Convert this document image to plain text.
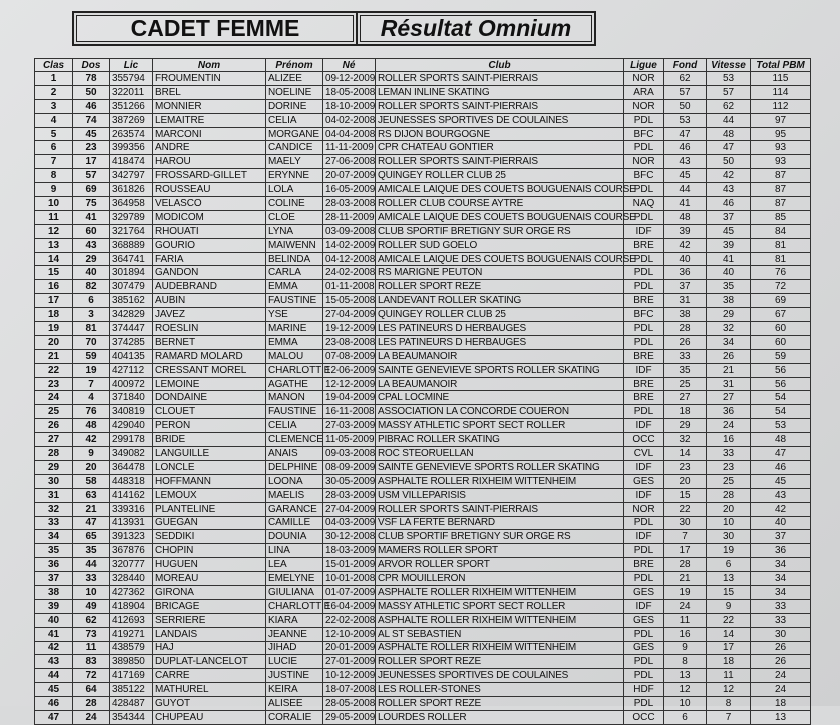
CADET FEMME	Résultat Omnium
Clas	Dos	Lic	Nom	Prénom	Né	Club	Ligue	Fond	Vitesse	Total PBM
1	78	355794	FROUMENTIN	ALIZEE	09-12-2009	ROLLER SPORTS SAINT-PIERRAIS	NOR	62	53	115
2	50	322011	BREL	NOELINE	18-05-2008	LEMAN INLINE SKATING	ARA	57	57	114
3	46	351266	MONNIER	DORINE	18-10-2009	ROLLER SPORTS SAINT-PIERRAIS	NOR	50	62	112
4	74	387269	LEMAITRE	CELIA	04-02-2008	JEUNESSES SPORTIVES DE COULAINES	PDL	53	44	97
5	45	263574	MARCONI	MORGANE	04-04-2008	RS DIJON BOURGOGNE	BFC	47	48	95
6	23	399356	ANDRE	CANDICE	11-11-2009	CPR CHATEAU GONTIER	PDL	46	47	93
7	17	418474	HAROU	MAELY	27-06-2008	ROLLER SPORTS SAINT-PIERRAIS	NOR	43	50	93
8	57	342797	FROSSARD-GILLET	ERYNNE	20-07-2009	QUINGEY ROLLER CLUB 25	BFC	45	42	87
9	69	361826	ROUSSEAU	LOLA	16-05-2009	AMICALE LAIQUE DES COUETS BOUGUENAIS COURSE	PDL	44	43	87
10	75	364958	VELASCO	COLINE	28-03-2008	ROLLER CLUB COURSE AYTRE	NAQ	41	46	87
11	41	329789	MODICOM	CLOE	28-11-2009	AMICALE LAIQUE DES COUETS BOUGUENAIS COURSE	PDL	48	37	85
12	60	321764	RHOUATI	LYNA	03-09-2008	CLUB SPORTIF BRETIGNY SUR ORGE RS	IDF	39	45	84
13	43	368889	GOURIO	MAIWENN	14-02-2009	ROLLER SUD GOELO	BRE	42	39	81
14	29	364741	FARIA	BELINDA	04-12-2008	AMICALE LAIQUE DES COUETS BOUGUENAIS COURSE	PDL	40	41	81
15	40	301894	GANDON	CARLA	24-02-2008	RS MARIGNE PEUTON	PDL	36	40	76
16	82	307479	AUDEBRAND	EMMA	01-11-2008	ROLLER SPORT REZE	PDL	37	35	72
17	6	385162	AUBIN	FAUSTINE	15-05-2008	LANDEVANT ROLLER SKATING	BRE	31	38	69
18	3	342829	JAVEZ	YSE	27-04-2009	QUINGEY ROLLER CLUB 25	BFC	38	29	67
19	81	374447	ROESLIN	MARINE	19-12-2009	LES PATINEURS D HERBAUGES	PDL	28	32	60
20	70	374285	BERNET	EMMA	23-08-2008	LES PATINEURS D HERBAUGES	PDL	26	34	60
21	59	404135	RAMARD MOLARD	MALOU	07-08-2009	LA BEAUMANOIR	BRE	33	26	59
22	19	427112	CRESSANT MOREL	CHARLOTT E	12-06-2009	SAINTE GENEVIEVE SPORTS ROLLER SKATING	IDF	35	21	56
23	7	400972	LEMOINE	AGATHE	12-12-2009	LA BEAUMANOIR	BRE	25	31	56
24	4	371840	DONDAINE	MANON	19-04-2009	CPAL LOCMINE	BRE	27	27	54
25	76	340819	CLOUET	FAUSTINE	16-11-2008	ASSOCIATION LA CONCORDE COUERON	PDL	18	36	54
26	48	429040	PERON	CELIA	27-03-2009	MASSY ATHLETIC SPORT SECT ROLLER	IDF	29	24	53
27	42	299178	BRIDE	CLEMENCE	11-05-2009	PIBRAC ROLLER SKATING	OCC	32	16	48
28	9	349082	LANGUILLE	ANAIS	09-03-2008	ROC STEORUELLAN	CVL	14	33	47
29	20	364478	LONCLE	DELPHINE	08-09-2009	SAINTE GENEVIEVE SPORTS ROLLER SKATING	IDF	23	23	46
30	58	448318	HOFFMANN	LOONA	30-05-2009	ASPHALTE ROLLER RIXHEIM WITTENHEIM	GES	20	25	45
31	63	414162	LEMOUX	MAELIS	28-03-2009	USM VILLEPARISIS	IDF	15	28	43
32	21	339316	PLANTELINE	GARANCE	27-04-2009	ROLLER SPORTS SAINT-PIERRAIS	NOR	22	20	42
33	47	413931	GUEGAN	CAMILLE	04-03-2009	VSF LA FERTE BERNARD	PDL	30	10	40
34	65	391323	SEDDIKI	DOUNIA	30-12-2008	CLUB SPORTIF BRETIGNY SUR ORGE RS	IDF	7	30	37
35	35	367876	CHOPIN	LINA	18-03-2009	MAMERS ROLLER SPORT	PDL	17	19	36
36	44	320777	HUGUEN	LEA	15-01-2009	ARVOR ROLLER SPORT	BRE	28	6	34
37	33	328440	MOREAU	EMELYNE	10-01-2008	CPR MOUILLERON	PDL	21	13	34
38	10	427362	GIRONA	GIULIANA	01-07-2009	ASPHALTE ROLLER RIXHEIM WITTENHEIM	GES	19	15	34
39	49	418904	BRICAGE	CHARLOTT E	16-04-2009	MASSY ATHLETIC SPORT SECT ROLLER	IDF	24	9	33
40	62	412693	SERRIERE	KIARA	22-02-2008	ASPHALTE ROLLER RIXHEIM WITTENHEIM	GES	11	22	33
41	73	419271	LANDAIS	JEANNE	12-10-2009	AL ST SEBASTIEN	PDL	16	14	30
42	11	438579	HAJ	JIHAD	20-01-2009	ASPHALTE ROLLER RIXHEIM WITTENHEIM	GES	9	17	26
43	83	389850	DUPLAT-LANCELOT	LUCIE	27-01-2009	ROLLER SPORT REZE	PDL	8	18	26
44	72	417169	CARRE	JUSTINE	10-12-2009	JEUNESSES SPORTIVES DE COULAINES	PDL	13	11	24
45	64	385122	MATHUREL	KEIRA	18-07-2008	LES ROLLER-STONES	HDF	12	12	24
46	28	428487	GUYOT	ALISEE	28-05-2008	ROLLER SPORT REZE	PDL	10	8	18
47	24	354344	CHUPEAU	CORALIE	29-05-2009	LOURDES ROLLER	OCC	6	7	13
